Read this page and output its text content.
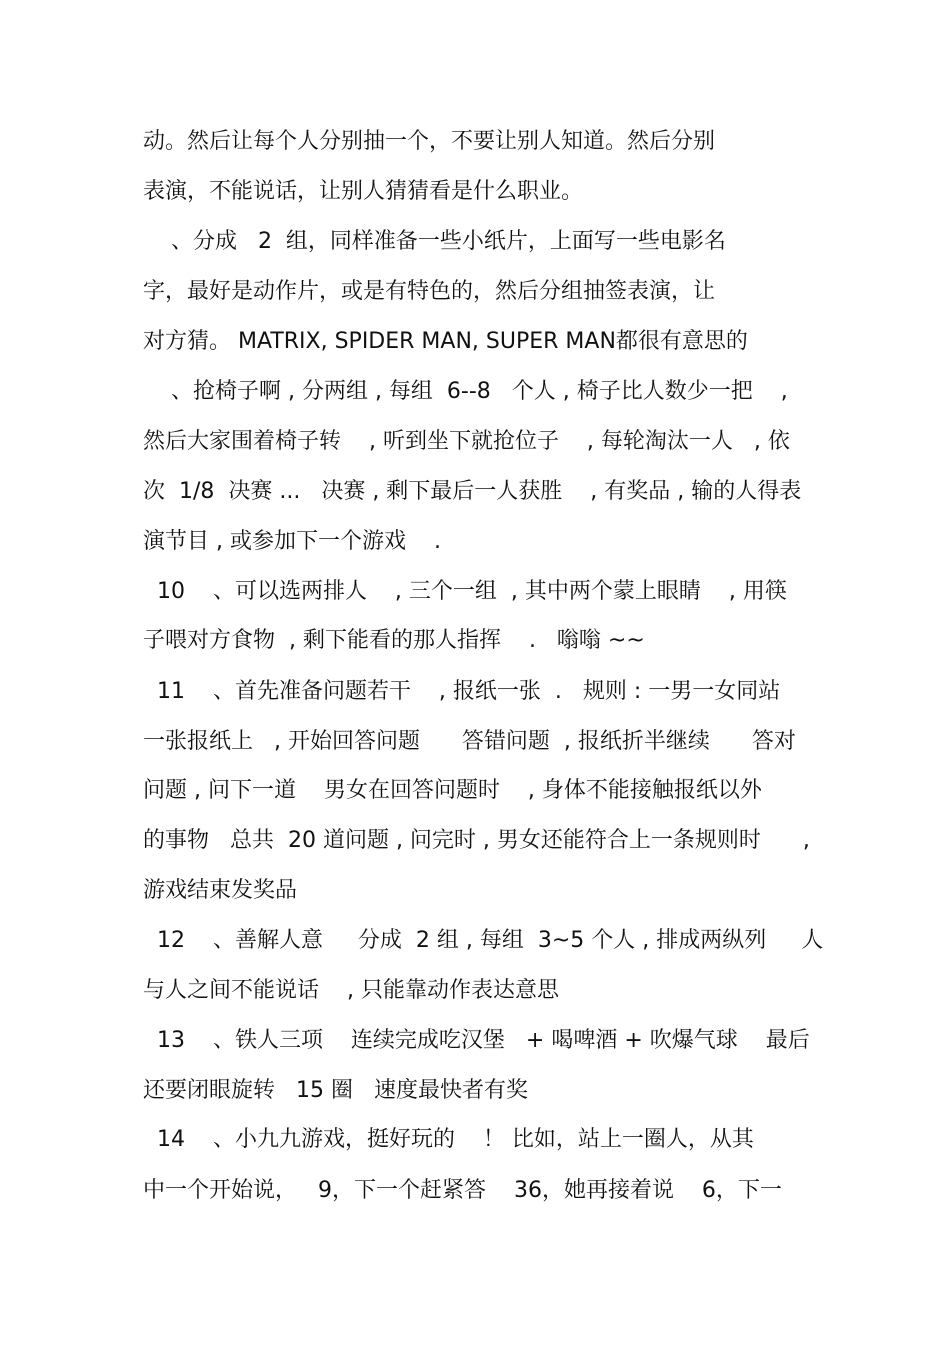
动。然后让每个人分别抽一个，不要让别人知道。然后分别
表演，不能说话，让别人猜猜看是什么职业。
、分成   2  组，同样准备一些小纸片，上面写一些电影名
字，最好是动作片，或是有特色的，然后分组抽签表演，让
对方猜。 MATRIX, SPIDER MAN, SUPER MAN都很有意思的
、抢椅子啊 , 分两组 , 每组  6--8   个人 , 椅子比人数少一把    ,
然后大家围着椅子转    , 听到坐下就抢位子    , 每轮淘汰一人   , 依
次  1/8  决赛 ...   决赛 , 剩下最后一人获胜    , 有奖品 , 输的人得表
演节目 , 或参加下一个游戏    .
10    、可以选两排人    , 三个一组  , 其中两个蒙上眼睛    , 用筷
子喂对方食物  , 剩下能看的那人指挥    .   嗡嗡 ~~
11    、首先准备问题若干    , 报纸一张  .   规则 : 一男一女同站
一张报纸上   , 开始回答问题      答错问题  , 报纸折半继续      答对
问题 , 问下一道    男女在回答问题时    , 身体不能接触报纸以外
的事物   总共  20 道问题 , 问完时 , 男女还能符合上一条规则时      ,
游戏结束发奖品
12    、善解人意     分成  2 组 , 每组  3~5 个人 , 排成两纵列     人
与人之间不能说话    , 只能靠动作表达意思
13    、铁人三项    连续完成吃汉堡   + 喝啤酒 + 吹爆气球    最后
还要闭眼旋转   15 圈   速度最快者有奖
14    、小九九游戏，挺好玩的    ！ 比如，站上一圈人，从其
中一个开始说，   9，下一个赶紧答    36，她再接着说    6，下一
